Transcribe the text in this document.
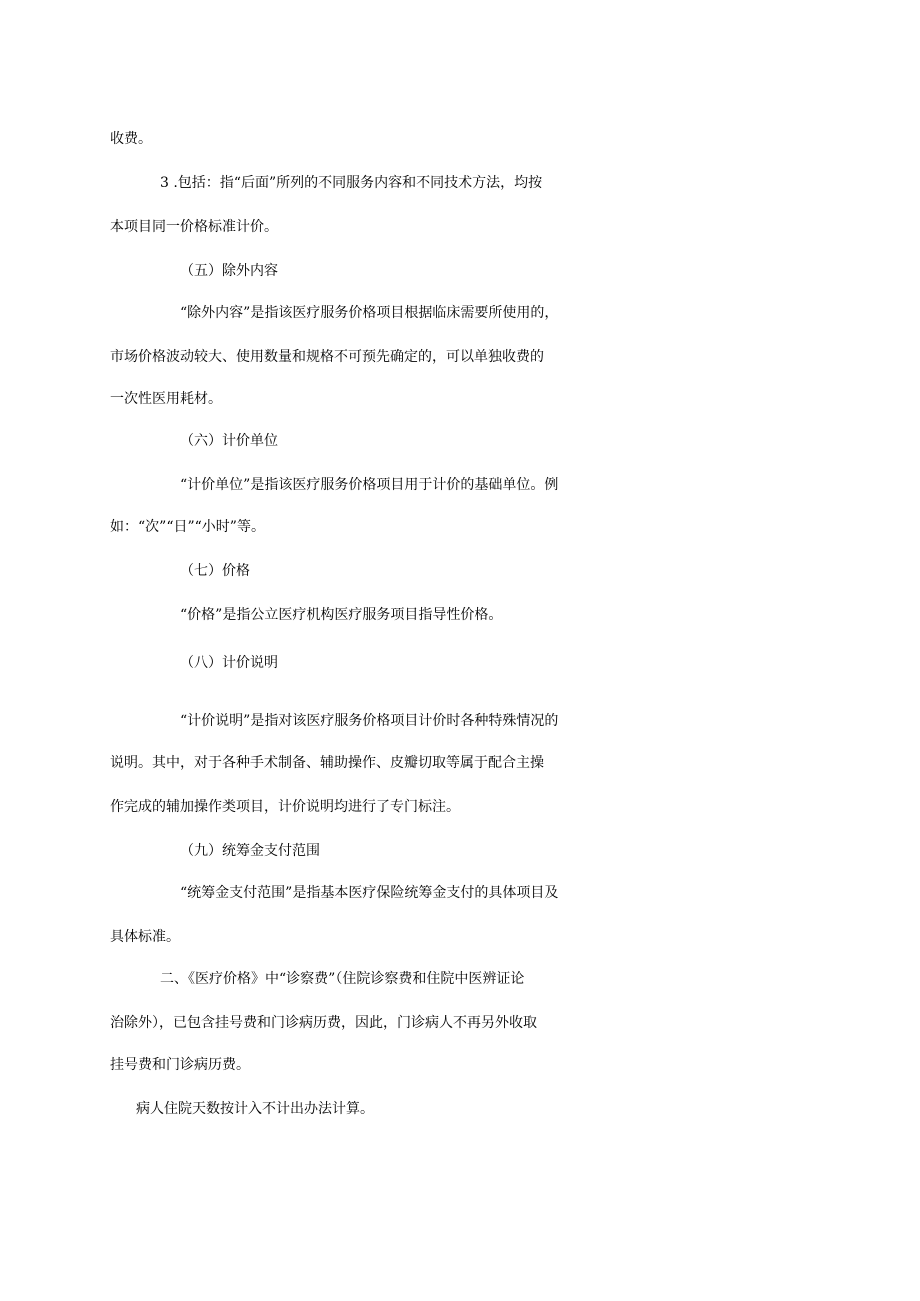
收费。

3 .包括：指“后面”所列的不同服务内容和不同技术方法，均按

本项目同一价格标准计价。

（五）除外内容

“除外内容”是指该医疗服务价格项目根据临床需要所使用的，

市场价格波动较大、使用数量和规格不可预先确定的，可以单独收费的

一次性医用耗材。

（六）计价单位

“计价单位”是指该医疗服务价格项目用于计价的基础单位。例

如：“次”“日”“小时”等。

（七）价格

“价格”是指公立医疗机构医疗服务项目指导性价格。

（八）计价说明

“计价说明”是指对该医疗服务价格项目计价时各种特殊情况的

说明。其中，对于各种手术制备、辅助操作、皮瓣切取等属于配合主操

作完成的辅加操作类项目，计价说明均进行了专门标注。

（九）统筹金支付范围

“统筹金支付范围”是指基本医疗保险统筹金支付的具体项目及

具体标准。

二、《医疗价格》中“诊察费”（住院诊察费和住院中医辨证论

治除外），已包含挂号费和门诊病历费，因此，门诊病人不再另外收取

挂号费和门诊病历费。

病人住院天数按计入不计出办法计算。
